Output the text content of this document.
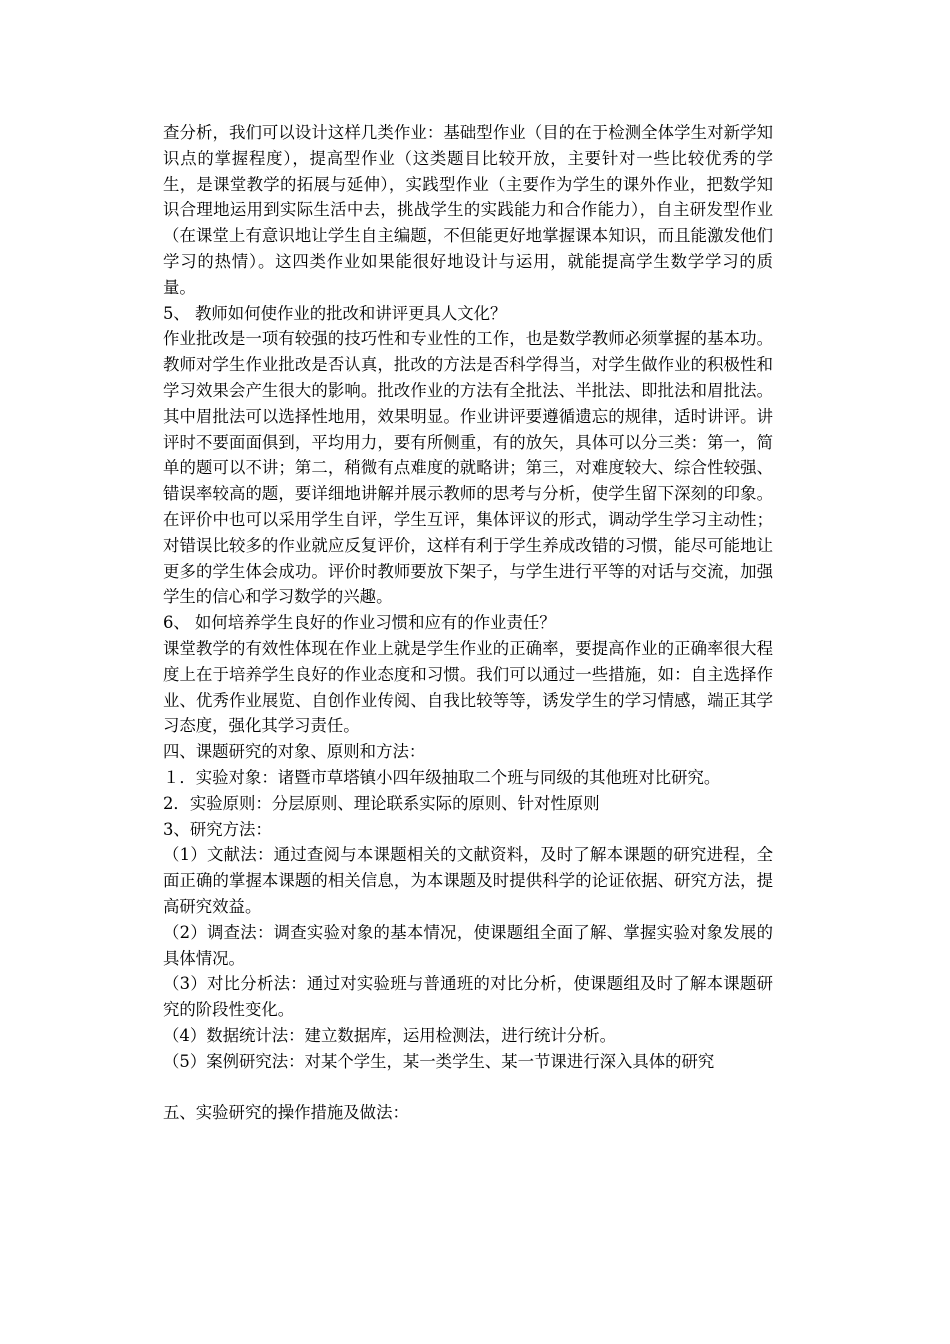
查分析，我们可以设计这样几类作业：基础型作业（目的在于检测全体学生对新学知识点的掌握程度），提高型作业（这类题目比较开放，主要针对一些比较优秀的学生，是课堂教学的拓展与延伸），实践型作业（主要作为学生的课外作业，把数学知识合理地运用到实际生活中去，挑战学生的实践能力和合作能力），自主研发型作业（在课堂上有意识地让学生自主编题，不但能更好地掌握课本知识，而且能激发他们学习的热情）。这四类作业如果能很好地设计与运用，就能提高学生数学学习的质量。

5、 教师如何使作业的批改和讲评更具人文化？

作业批改是一项有较强的技巧性和专业性的工作，也是数学教师必须掌握的基本功。教师对学生作业批改是否认真，批改的方法是否科学得当，对学生做作业的积极性和学习效果会产生很大的影响。批改作业的方法有全批法、半批法、即批法和眉批法。其中眉批法可以选择性地用，效果明显。作业讲评要遵循遗忘的规律，适时讲评。讲评时不要面面俱到，平均用力，要有所侧重，有的放矢，具体可以分三类：第一，简单的题可以不讲；第二，稍微有点难度的就略讲；第三，对难度较大、综合性较强、错误率较高的题，要详细地讲解并展示教师的思考与分析，使学生留下深刻的印象。在评价中也可以采用学生自评，学生互评，集体评议的形式，调动学生学习主动性；对错误比较多的作业就应反复评价，这样有利于学生养成改错的习惯，能尽可能地让更多的学生体会成功。评价时教师要放下架子，与学生进行平等的对话与交流，加强学生的信心和学习数学的兴趣。

6、 如何培养学生良好的作业习惯和应有的作业责任？

课堂教学的有效性体现在作业上就是学生作业的正确率，要提高作业的正确率很大程度上在于培养学生良好的作业态度和习惯。我们可以通过一些措施，如：自主选择作业、优秀作业展览、自创作业传阅、自我比较等等，诱发学生的学习情感，端正其学习态度，强化其学习责任。

四、课题研究的对象、原则和方法：

１．实验对象：诸暨市草塔镇小四年级抽取二个班与同级的其他班对比研究。

2．实验原则：分层原则、理论联系实际的原则、针对性原则

3、研究方法：

（1）文献法：通过查阅与本课题相关的文献资料，及时了解本课题的研究进程，全面正确的掌握本课题的相关信息，为本课题及时提供科学的论证依据、研究方法，提高研究效益。

（2）调查法：调查实验对象的基本情况，使课题组全面了解、掌握实验对象发展的具体情况。

（3）对比分析法：通过对实验班与普通班的对比分析，使课题组及时了解本课题研究的阶段性变化。

（4）数据统计法：建立数据库，运用检测法，进行统计分析。

（5）案例研究法：对某个学生，某一类学生、某一节课进行深入具体的研究

五、实验研究的操作措施及做法：
